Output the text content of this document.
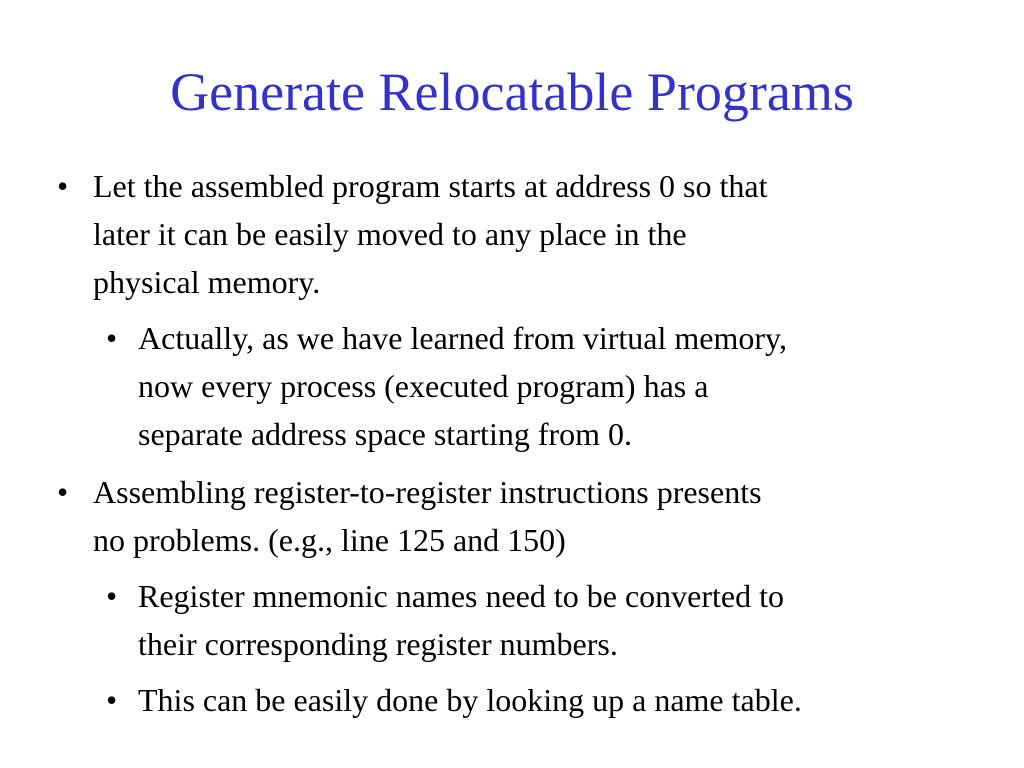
Generate Relocatable Programs
• Let the assembled program starts at address 0 so that
later it can be easily moved to any place in the
physical memory.
• Actually, as we have learned from virtual memory,
now every process (executed program) has a
separate address space starting from 0.
• Assembling register-to-register instructions presents
no problems. (e.g., line 125 and 150)
• Register mnemonic names need to be converted to
their corresponding register numbers.
• This can be easily done by looking up a name table.
